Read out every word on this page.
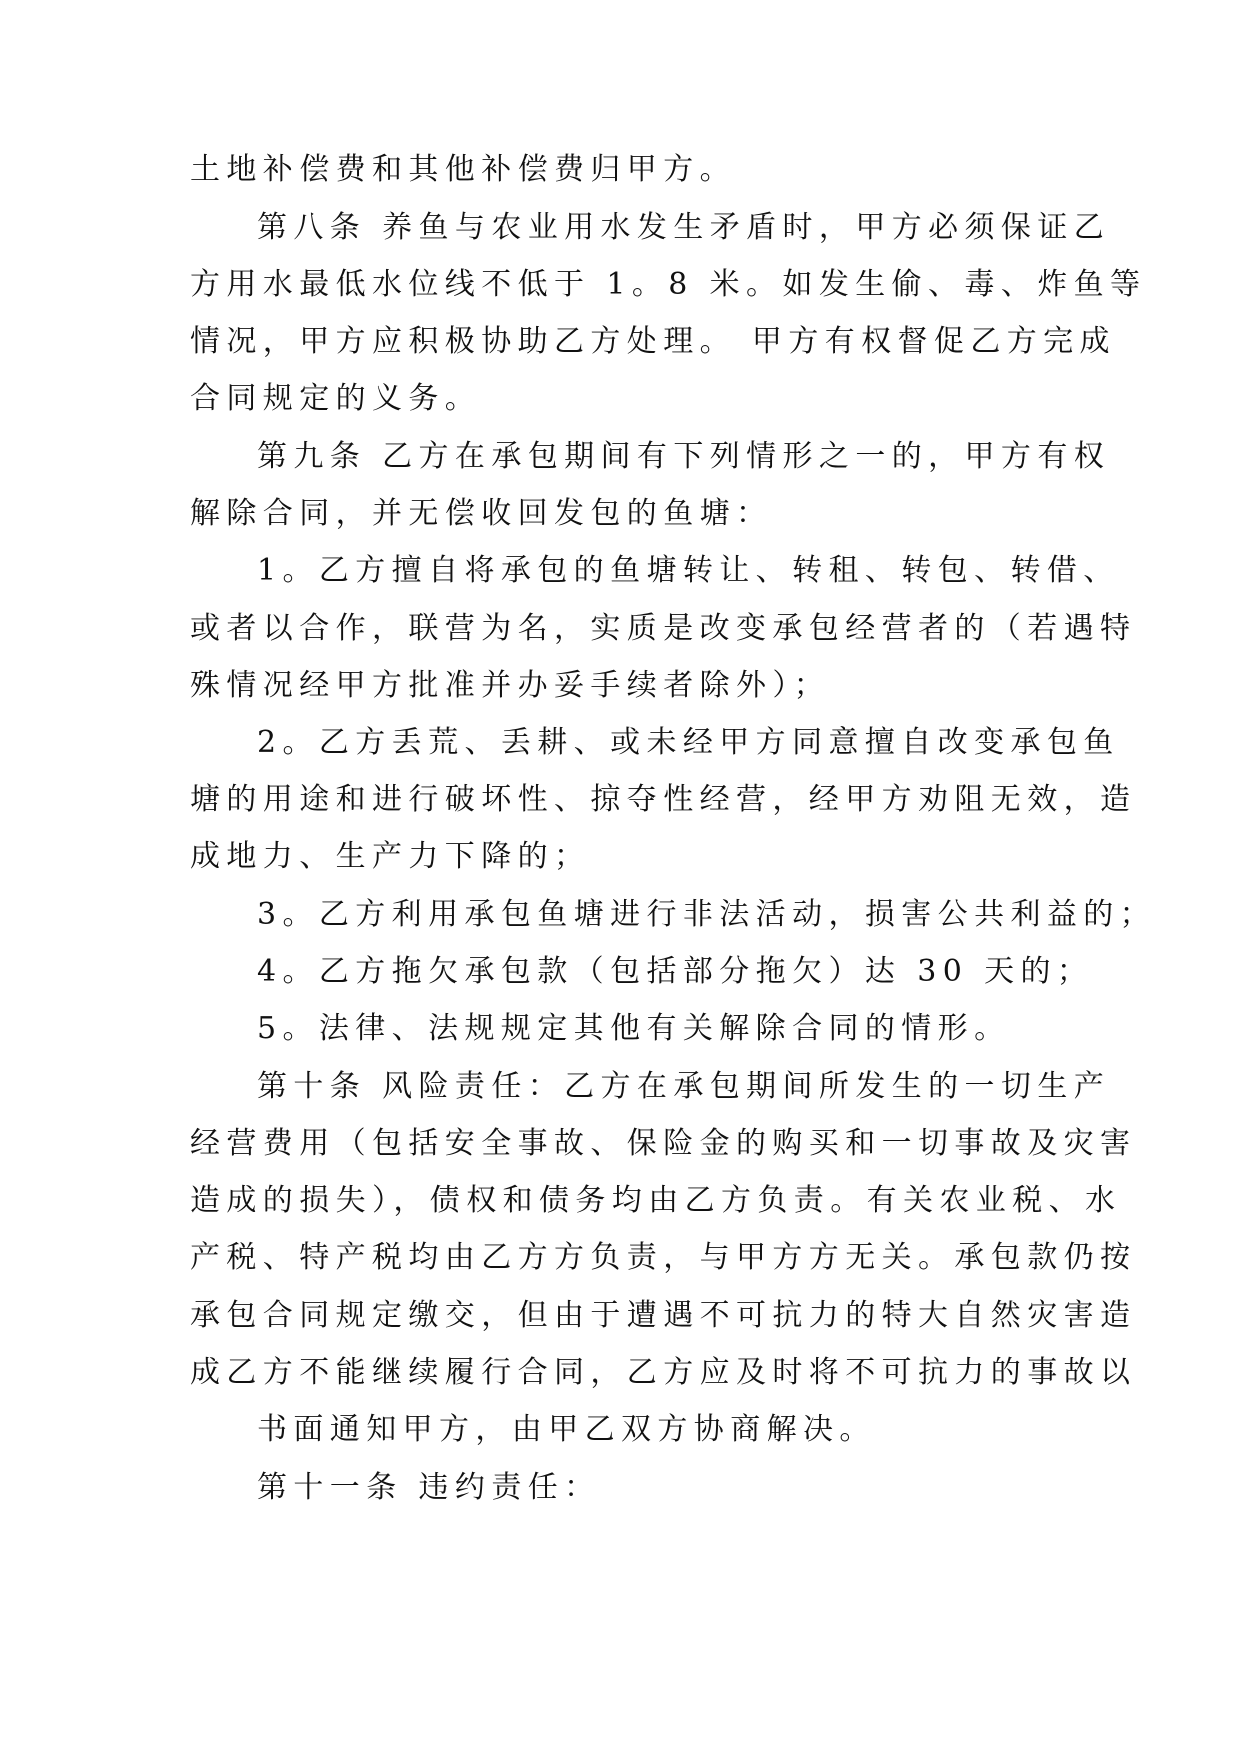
土地补偿费和其他补偿费归甲方。
第八条 养鱼与农业用水发生矛盾时，甲方必须保证乙
方用水最低水位线不低于 1。8 米。如发生偷、毒、炸鱼等
情况，甲方应积极协助乙方处理。 甲方有权督促乙方完成
合同规定的义务。
第九条 乙方在承包期间有下列情形之一的，甲方有权
解除合同，并无偿收回发包的鱼塘：
1。乙方擅自将承包的鱼塘转让、转租、转包、转借、
或者以合作，联营为名，实质是改变承包经营者的（若遇特
殊情况经甲方批准并办妥手续者除外）；
2。乙方丢荒、丢耕、或未经甲方同意擅自改变承包鱼
塘的用途和进行破坏性、掠夺性经营，经甲方劝阻无效，造
成地力、生产力下降的；
3。乙方利用承包鱼塘进行非法活动，损害公共利益的；
4。乙方拖欠承包款（包括部分拖欠）达 30 天的；
5。法律、法规规定其他有关解除合同的情形。
第十条 风险责任：乙方在承包期间所发生的一切生产
经营费用（包括安全事故、保险金的购买和一切事故及灾害
造成的损失），债权和债务均由乙方负责。有关农业税、水
产税、特产税均由乙方方负责，与甲方方无关。承包款仍按
承包合同规定缴交，但由于遭遇不可抗力的特大自然灾害造
成乙方不能继续履行合同，乙方应及时将不可抗力的事故以
书面通知甲方，由甲乙双方协商解决。
第十一条 违约责任：
